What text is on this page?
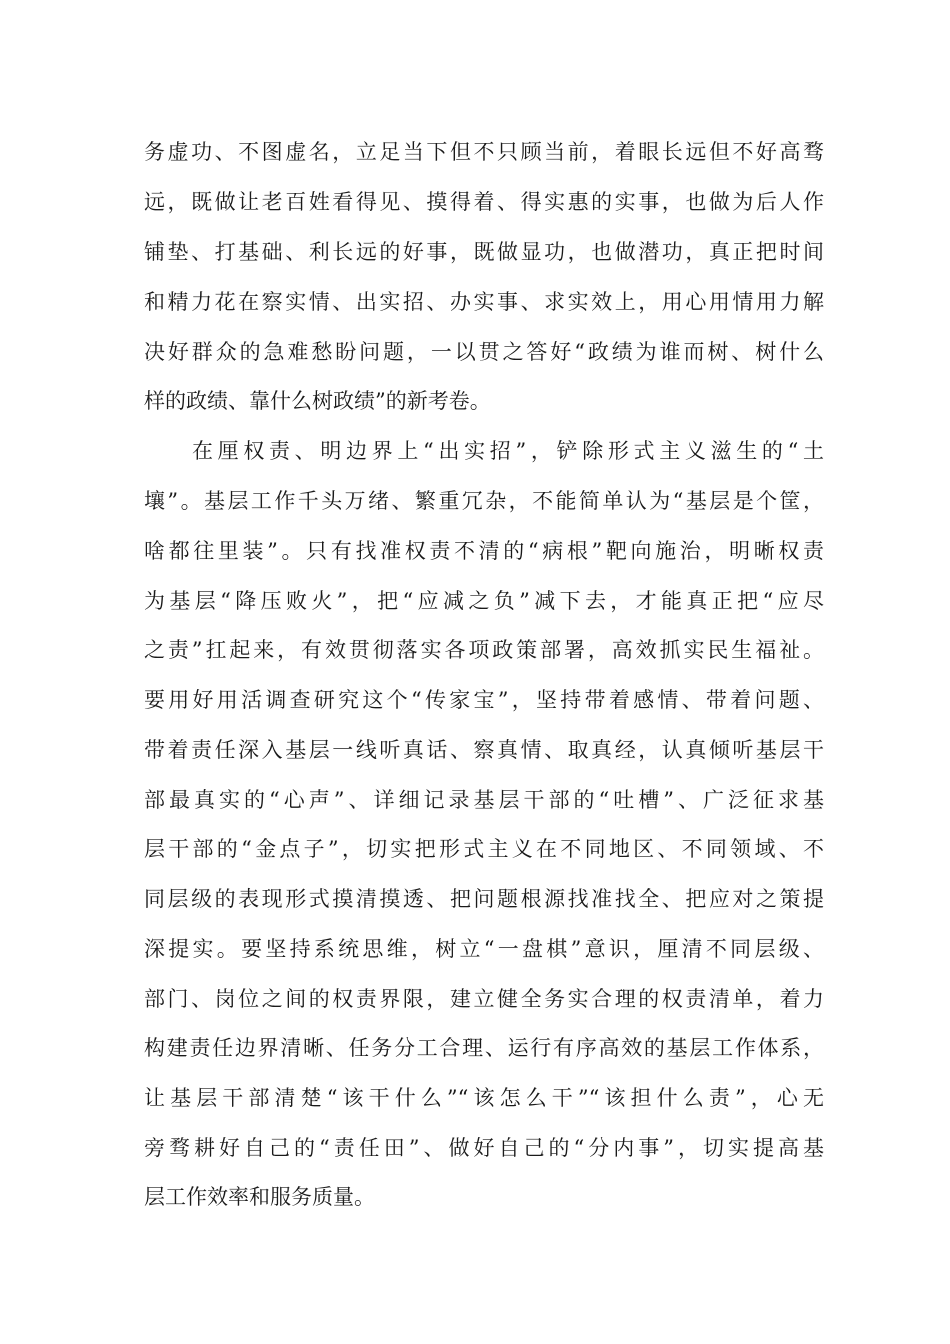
务虚功、不图虚名，立足当下但不只顾当前，着眼长远但不好高骛
远，既做让老百姓看得见、摸得着、得实惠的实事，也做为后人作
铺垫、打基础、利长远的好事，既做显功，也做潜功，真正把时间
和精力花在察实情、出实招、办实事、求实效上，用心用情用力解
决好群众的急难愁盼问题，一以贯之答好“政绩为谁而树、树什么
样的政绩、靠什么树政绩”的新考卷。
在厘权责、明边界上“出实招”，铲除形式主义滋生的“土
壤”。基层工作千头万绪、繁重冗杂，不能简单认为“基层是个筐，
啥都往里装”。只有找准权责不清的“病根”靶向施治，明晰权责
为基层“降压败火”，把“应减之负”减下去，才能真正把“应尽
之责”扛起来，有效贯彻落实各项政策部署，高效抓实民生福祉。
要用好用活调查研究这个“传家宝”，坚持带着感情、带着问题、
带着责任深入基层一线听真话、察真情、取真经，认真倾听基层干
部最真实的“心声”、详细记录基层干部的“吐槽”、广泛征求基
层干部的“金点子”，切实把形式主义在不同地区、不同领域、不
同层级的表现形式摸清摸透、把问题根源找准找全、把应对之策提
深提实。要坚持系统思维，树立“一盘棋”意识，厘清不同层级、
部门、岗位之间的权责界限，建立健全务实合理的权责清单，着力
构建责任边界清晰、任务分工合理、运行有序高效的基层工作体系，
让基层干部清楚“该干什么”“该怎么干”“该担什么责”，心无
旁骛耕好自己的“责任田”、做好自己的“分内事”，切实提高基
层工作效率和服务质量。
